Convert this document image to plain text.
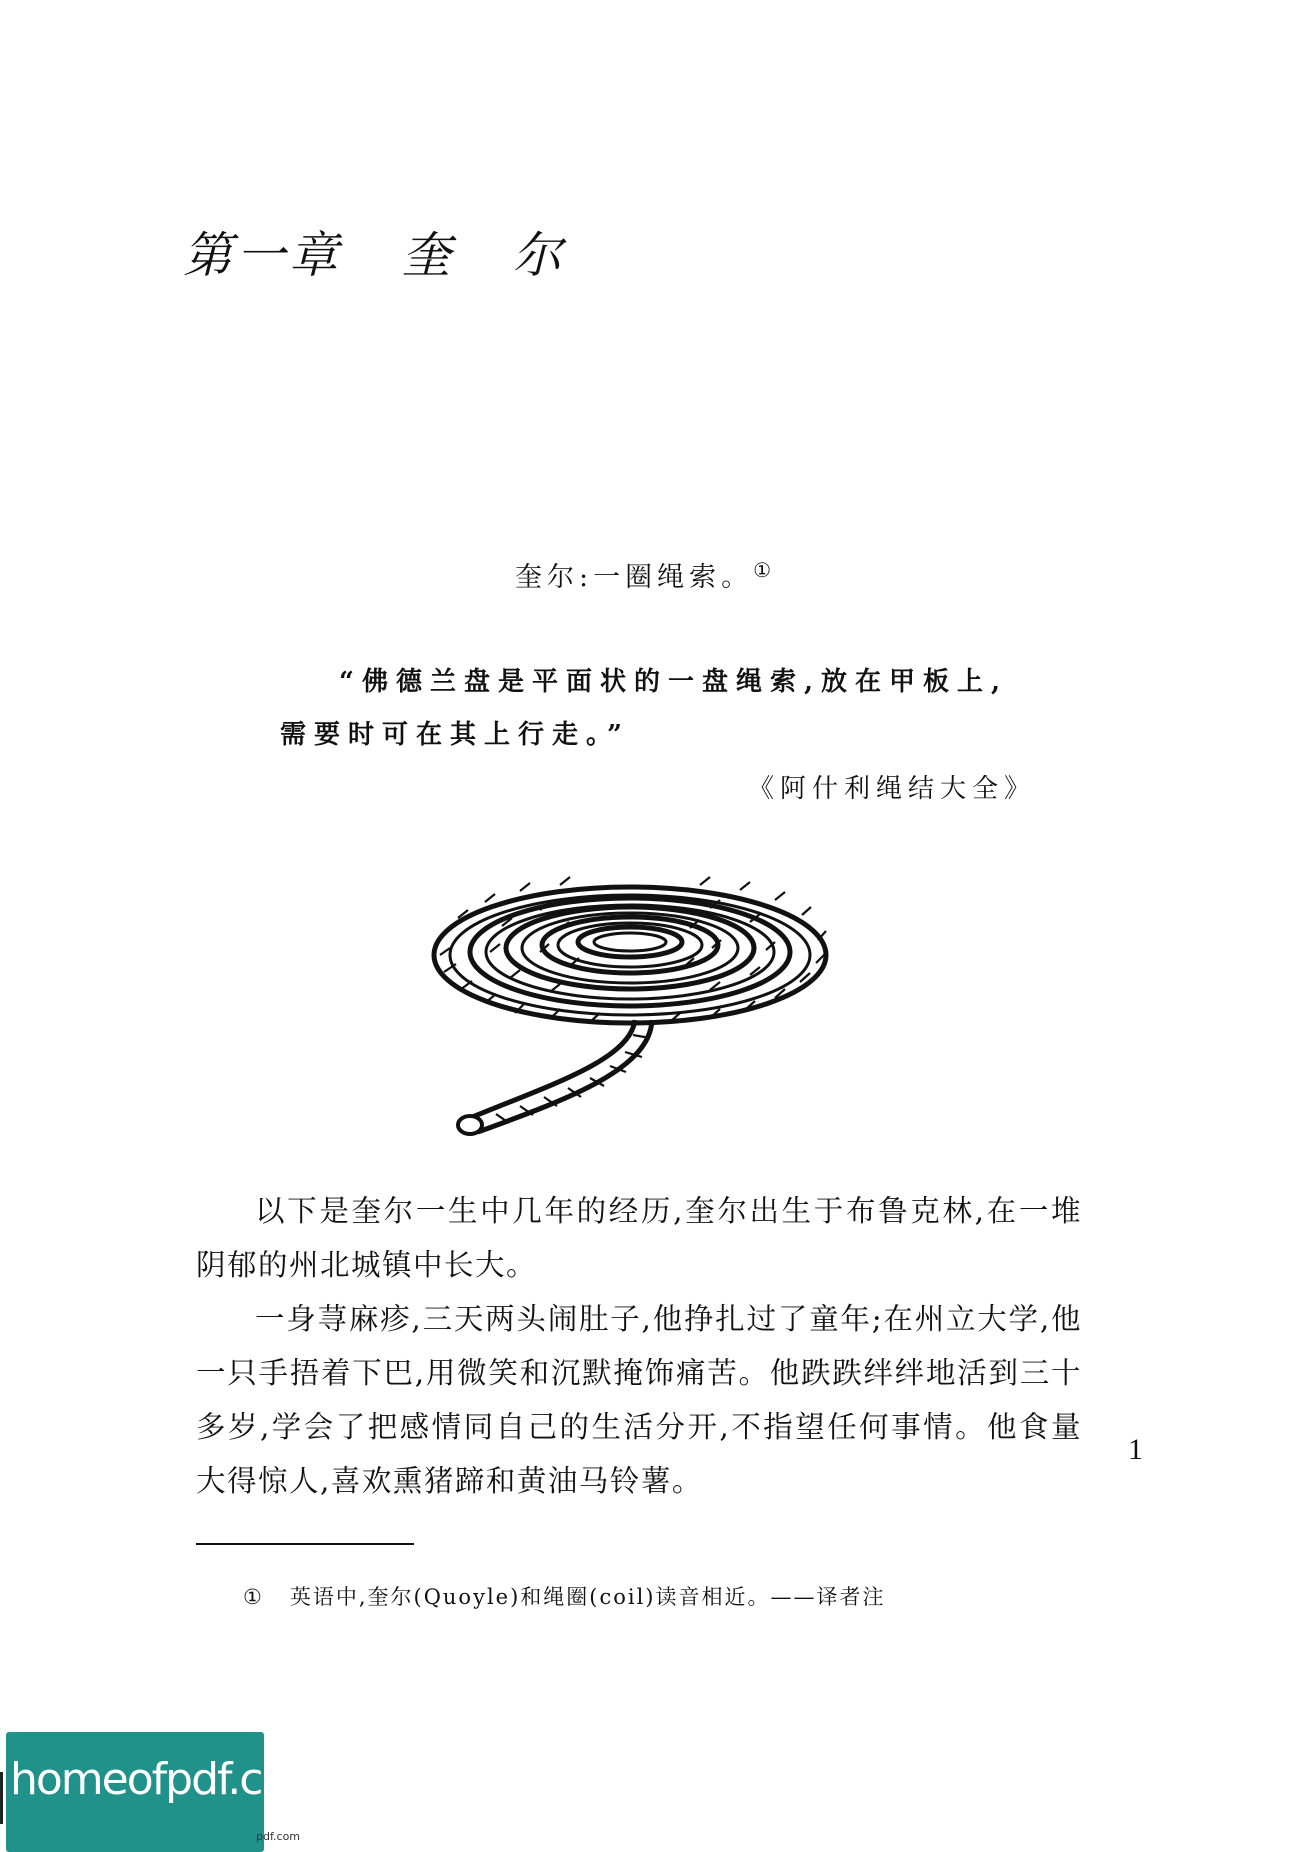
第一章 奎尔
奎尔:一圈绳索。①
“佛德兰盘是平面状的一盘绳索,放在甲板上,
需要时可在其上行走。”
《阿什利绳结大全》

以下是奎尔一生中几年的经历,奎尔出生于布鲁克林,在一堆阴郁的州北城镇中长大。

一身荨麻疹,三天两头闹肚子,他挣扎过了童年;在州立大学,他一只手捂着下巴,用微笑和沉默掩饰痛苦。他跌跌绊绊地活到三十多岁,学会了把感情同自己的生活分开,不指望任何事情。他食量大得惊人,喜欢熏猪蹄和黄油马铃薯。

1
① 英语中,奎尔(Quoyle)和绳圈(coil)读音相近。——译者注
homeofpdf.com
pdf.com
